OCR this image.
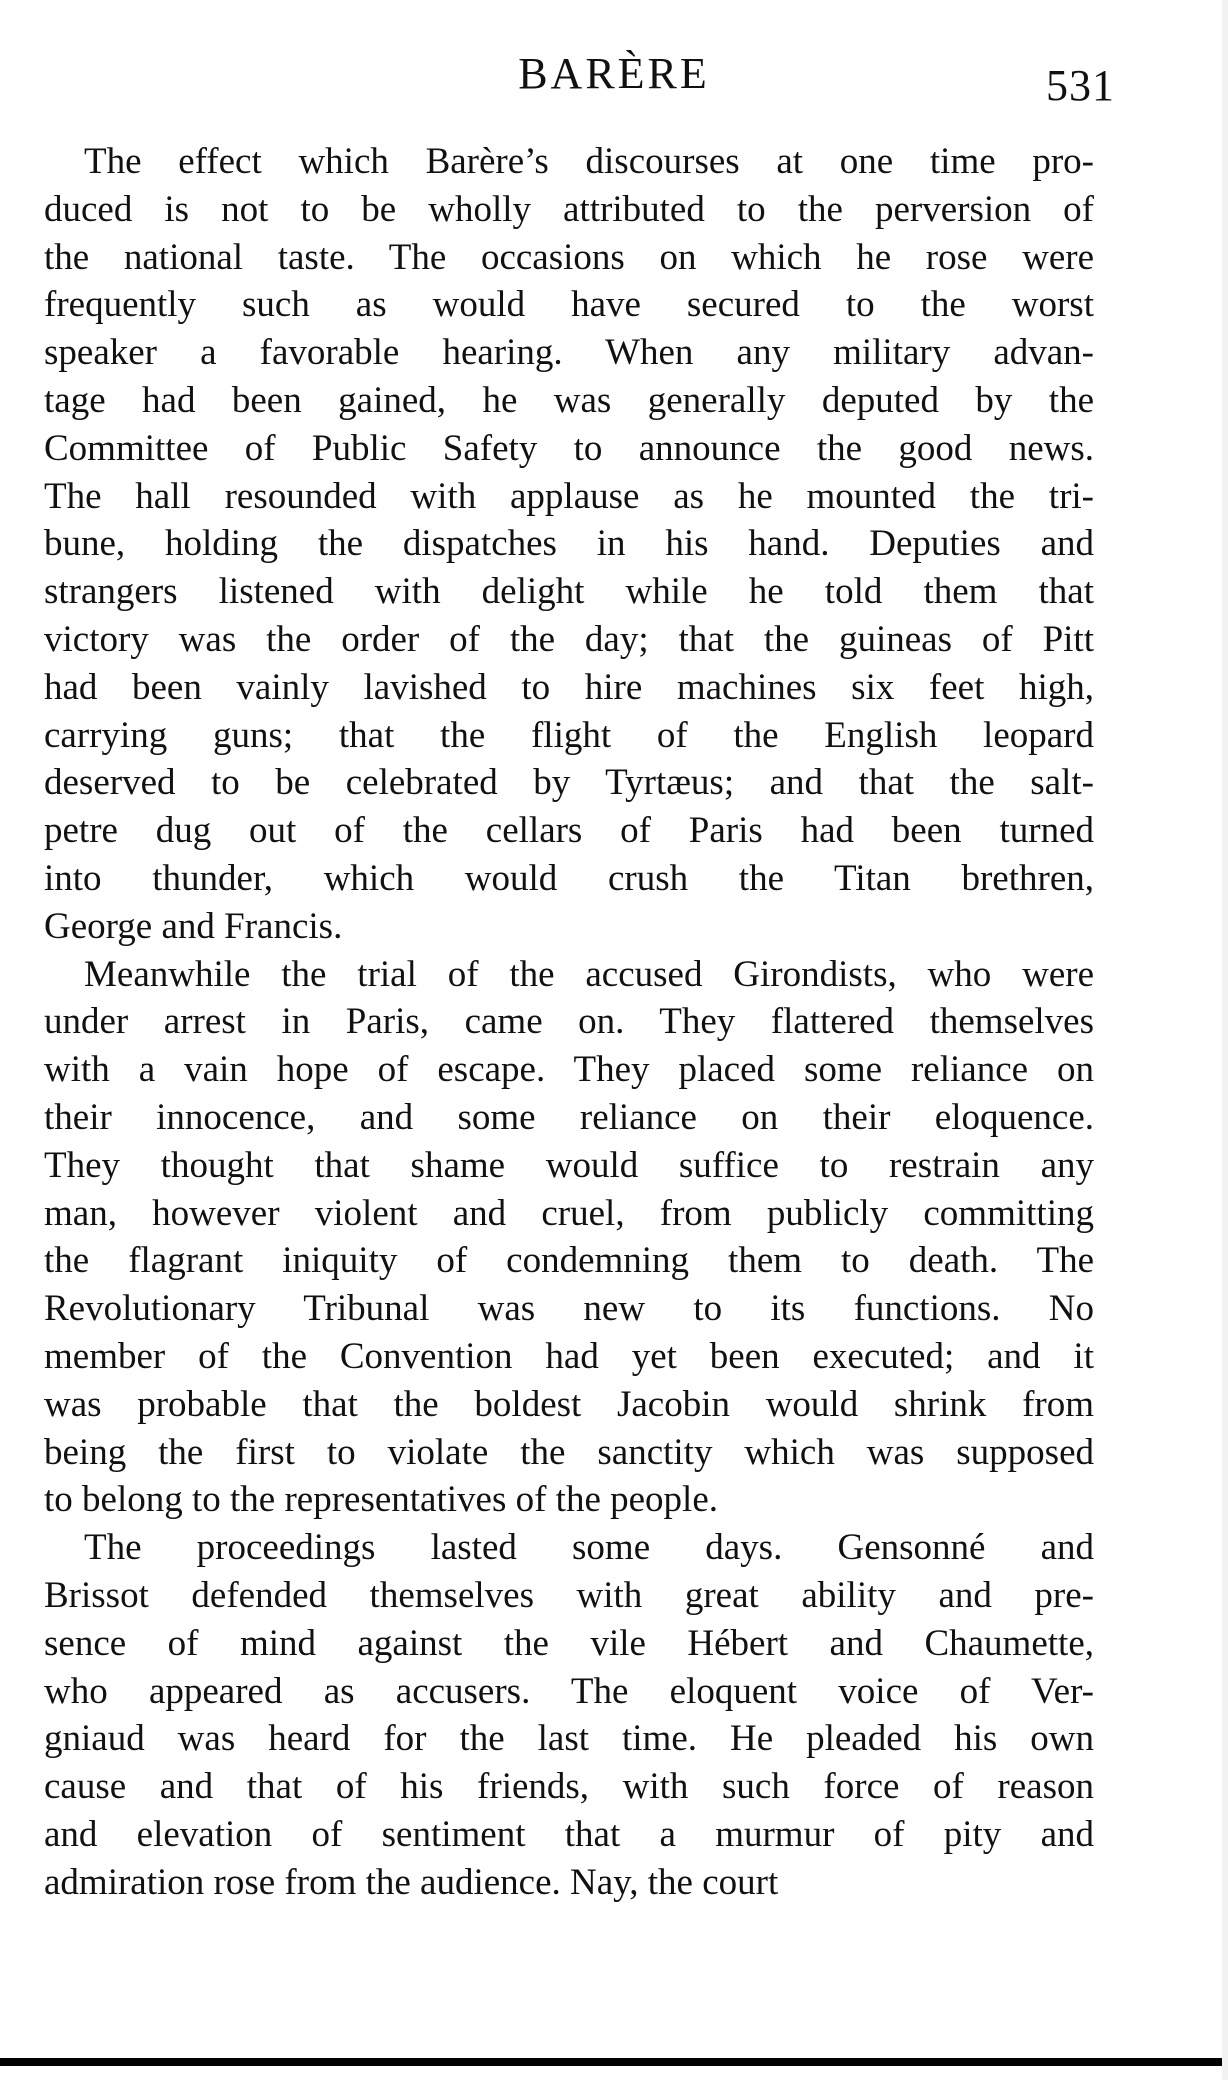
BARÈRE	531
The effect which Barère’s discourses at one time pro-
duced is not to be wholly attributed to the perversion of
the national taste. The occasions on which he rose were
frequently such as would have secured to the worst
speaker a favorable hearing. When any military advan-
tage had been gained, he was generally deputed by the
Committee of Public Safety to announce the good news.
The hall resounded with applause as he mounted the tri-
bune, holding the dispatches in his hand. Deputies and
strangers listened with delight while he told them that
victory was the order of the day; that the guineas of Pitt
had been vainly lavished to hire machines six feet high,
carrying guns; that the flight of the English leopard
deserved to be celebrated by Tyrtæus; and that the salt-
petre dug out of the cellars of Paris had been turned
into thunder, which would crush the Titan brethren,
George and Francis.
Meanwhile the trial of the accused Girondists, who were
under arrest in Paris, came on. They flattered themselves
with a vain hope of escape. They placed some reliance on
their innocence, and some reliance on their eloquence.
They thought that shame would suffice to restrain any
man, however violent and cruel, from publicly committing
the flagrant iniquity of condemning them to death. The
Revolutionary Tribunal was new to its functions. No
member of the Convention had yet been executed; and it
was probable that the boldest Jacobin would shrink from
being the first to violate the sanctity which was supposed
to belong to the representatives of the people.
The proceedings lasted some days. Gensonné and
Brissot defended themselves with great ability and pre-
sence of mind against the vile Hébert and Chaumette,
who appeared as accusers. The eloquent voice of Ver-
gniaud was heard for the last time. He pleaded his own
cause and that of his friends, with such force of reason
and elevation of sentiment that a murmur of pity and
admiration rose from the audience. Nay, the court
